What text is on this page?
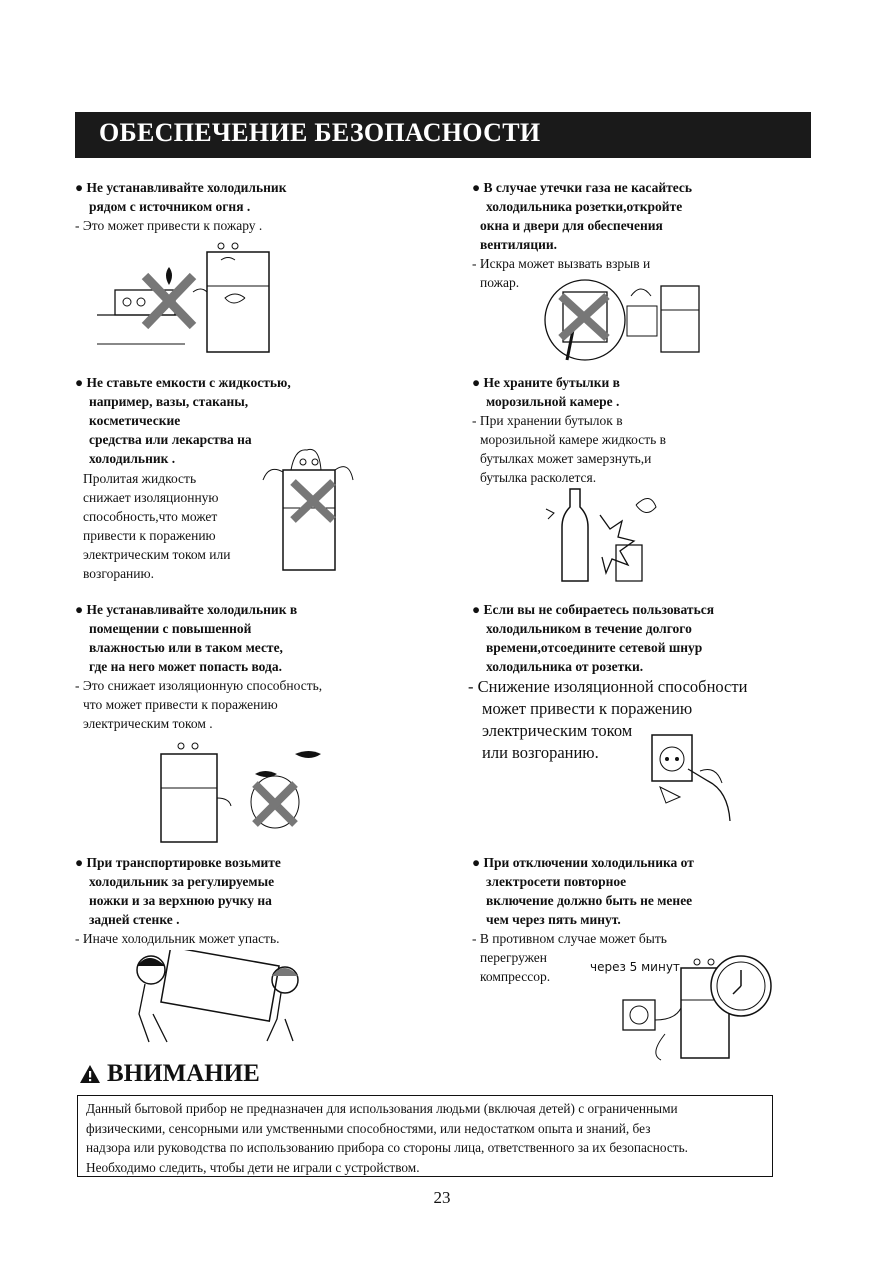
ОБЕСПЕЧЕНИЕ БЕЗОПАСНОСТИ

● Не устанавливайте холодильник

рядом с источником огня .

- Это может привести к пожару .

● Не ставьте емкости с жидкостью,

например, вазы, стаканы,

косметические

средства или лекарства на

холодильник .

Пролитая жидкость

снижает изоляционную

способность,что может

привести к поражению

электрическим током или

возгоранию.

● Не устанавливайте холодильник в

помещении с повышенной

влажностью или в таком месте,

где на него может попасть вода.

- Это снижает изоляционную способность,

что может привести к поражению

электрическим током .

● При транспортировке возьмите

холодильник за регулируемые

ножки и за верхнюю ручку на

задней стенке .

- Иначе холодильник может упасть.

● В случае утечки газа не касайтесь

холодильника розетки,откройте

окна и двери для обеспечения

вентиляции.

- Искра может вызвать взрыв и

пожар.

● Не храните бутылки в

морозильной камере .

- При хранении бутылок в

морозильной камере жидкость в

бутылках может замерзнуть,и

бутылка расколется.

● Если вы не собираетесь пользоваться

холодильником в течение долгого

времени,отсоедините сетевой шнур

холодильника от розетки.

- Снижение изоляционной способности

может привести к поражению

электрическим током

или возгоранию.

● При отключении холодильника от

злектросети повторное

включение должно быть не менее

чем через пять минут.

- В противном случае может быть

перегружен

компрессор.

через 5 минут
ВНИМАНИЕ

Данный бытовой прибор не предназначен для использования людьми (включая детей) с ограниченными

физическими, сенсорными или умственными способностями, или недостатком опыта и знаний, без

надзора или руководства по использованию прибора со стороны лица, ответственного за их безопасность.

Необходимо следить, чтобы дети не играли с устройством.

23
